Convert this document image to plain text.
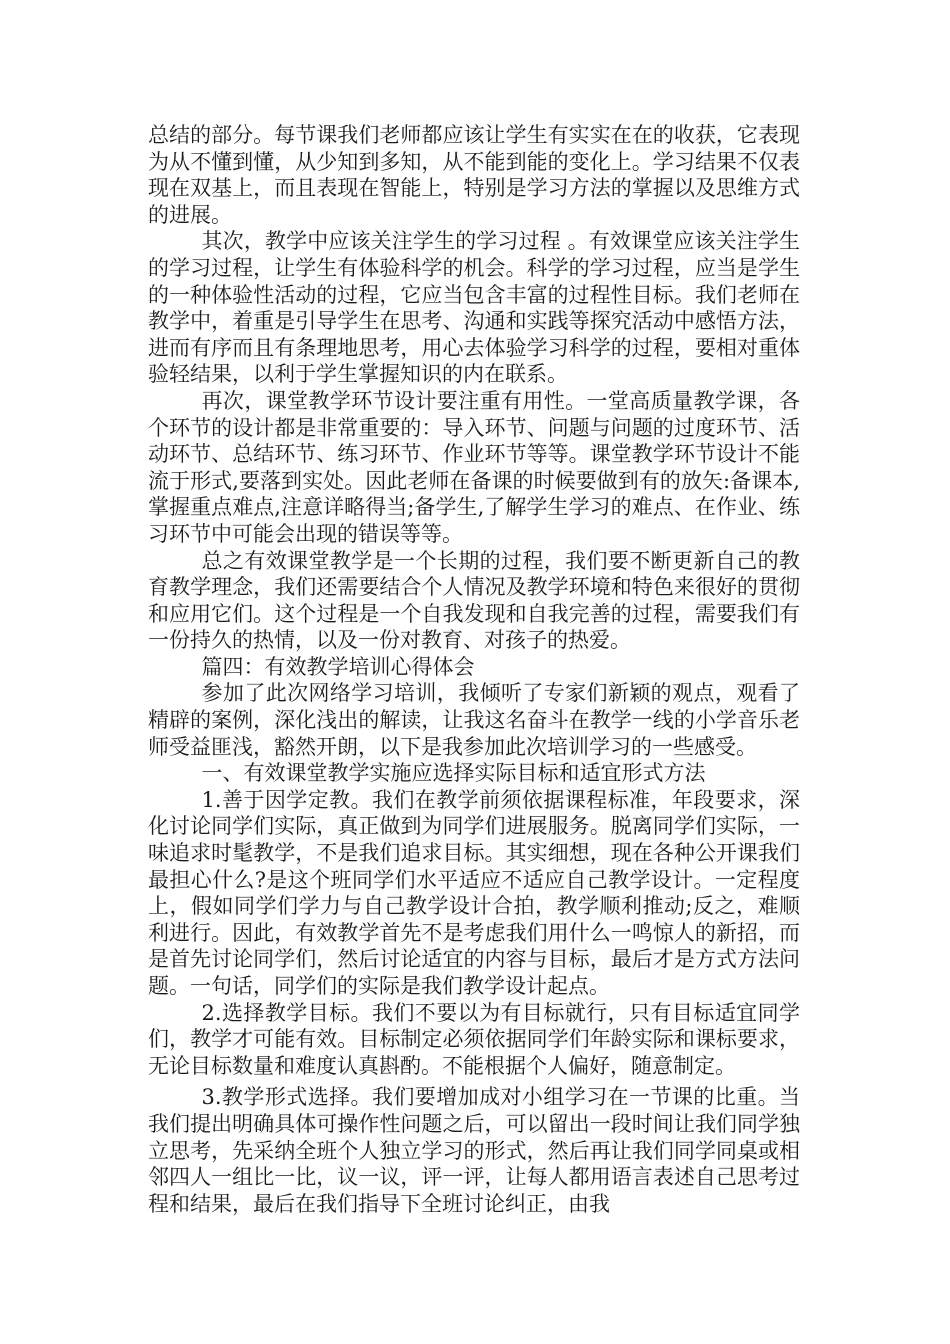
总结的部分。每节课我们老师都应该让学生有实实在在的收获，它表现为从不懂到懂，从少知到多知，从不能到能的变化上。学习结果不仅表现在双基上，而且表现在智能上，特别是学习方法的掌握以及思维方式的进展。

其次，教学中应该关注学生的学习过程 。有效课堂应该关注学生的学习过程，让学生有体验科学的机会。科学的学习过程，应当是学生的一种体验性活动的过程，它应当包含丰富的过程性目标。我们老师在教学中，着重是引导学生在思考、沟通和实践等探究活动中感悟方法，进而有序而且有条理地思考，用心去体验学习科学的过程，要相对重体验轻结果，以利于学生掌握知识的内在联系。

再次，课堂教学环节设计要注重有用性。一堂高质量教学课，各个环节的设计都是非常重要的：导入环节、问题与问题的过度环节、活动环节、总结环节、练习环节、作业环节等等。课堂教学环节设计不能流于形式,要落到实处。因此老师在备课的时候要做到有的放矢:备课本,掌握重点难点,注意详略得当;备学生,了解学生学习的难点、在作业、练习环节中可能会出现的错误等等。

总之有效课堂教学是一个长期的过程，我们要不断更新自己的教育教学理念，我们还需要结合个人情况及教学环境和特色来很好的贯彻和应用它们。这个过程是一个自我发现和自我完善的过程，需要我们有一份持久的热情，以及一份对教育、对孩子的热爱。

篇四：有效教学培训心得体会

参加了此次网络学习培训，我倾听了专家们新颖的观点，观看了精辟的案例，深化浅出的解读，让我这名奋斗在教学一线的小学音乐老师受益匪浅，豁然开朗，以下是我参加此次培训学习的一些感受。

一、有效课堂教学实施应选择实际目标和适宜形式方法

1.善于因学定教。我们在教学前须依据课程标准，年段要求，深化讨论同学们实际，真正做到为同学们进展服务。脱离同学们实际，一味追求时髦教学，不是我们追求目标。其实细想，现在各种公开课我们最担心什么?是这个班同学们水平适应不适应自己教学设计。一定程度上，假如同学们学力与自己教学设计合拍，教学顺利推动;反之，难顺利进行。因此，有效教学首先不是考虑我们用什么一鸣惊人的新招，而是首先讨论同学们，然后讨论适宜的内容与目标，最后才是方式方法问题。一句话，同学们的实际是我们教学设计起点。

2.选择教学目标。我们不要以为有目标就行，只有目标适宜同学们，教学才可能有效。目标制定必须依据同学们年龄实际和课标要求，无论目标数量和难度认真斟酌。不能根据个人偏好，随意制定。

3.教学形式选择。我们要增加成对小组学习在一节课的比重。当我们提出明确具体可操作性问题之后，可以留出一段时间让我们同学独立思考，先采纳全班个人独立学习的形式，然后再让我们同学同桌或相邻四人一组比一比，议一议，评一评，让每人都用语言表述自己思考过程和结果，最后在我们指导下全班讨论纠正，由我
